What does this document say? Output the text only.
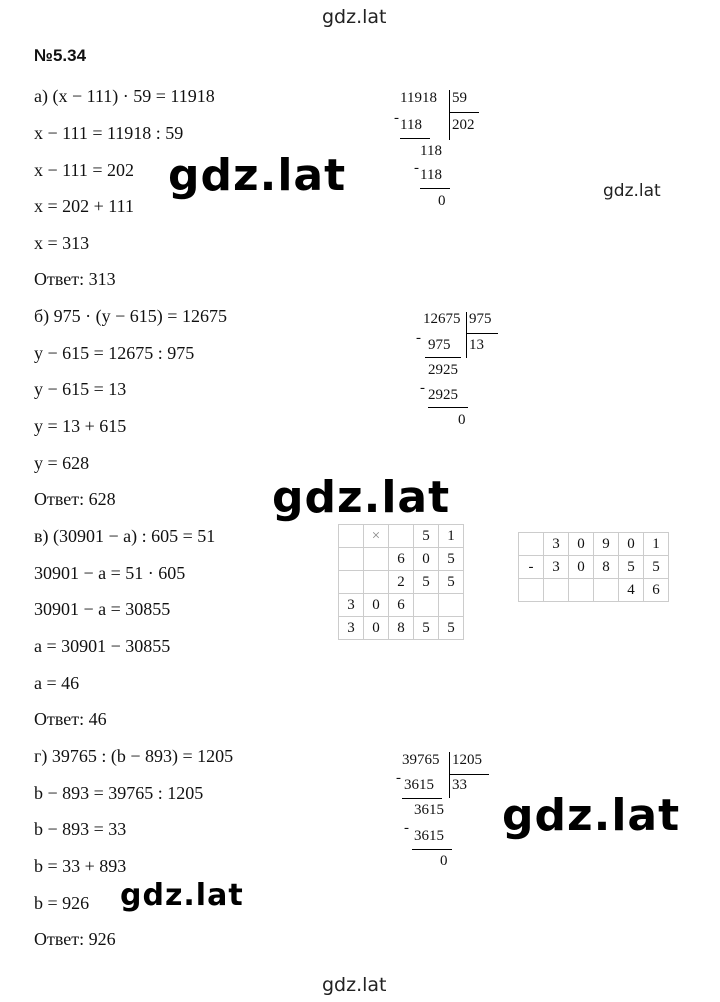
gdz.lat
gdz.lat
gdz.lat
gdz.lat
gdz.lat
gdz.lat
gdz.lat
№5.34
а) (x − 111) · 59 = 11918
x − 111 = 11918 : 59
x − 111 = 202
x = 202 + 111
x = 313
Ответ: 313
б) 975 · (y − 615) = 12675
y − 615 = 12675 : 975
y − 615 = 13
y = 13 + 615
y = 628
Ответ: 628
в) (30901 − a) : 605 = 51
30901 − a = 51 · 605
30901 − a = 30855
a = 30901 − 30855
a = 46
Ответ: 46
г) 39765 : (b − 893) = 1205
b − 893 = 39765 : 1205
b − 893 = 33
b = 33 + 893
b = 926
Ответ: 926
11918 59
202
- 118
118
- 118
0
12675 975
13
- 975
2925
- 2925
0
	×		5	1
		6	0	5
		2	5	5
3	0	6		
3	0	8	5	5
	3	0	9	0	1
-	3	0	8	5	5
				4	6
39765 1205
33
- 3615
3615
- 3615
0
